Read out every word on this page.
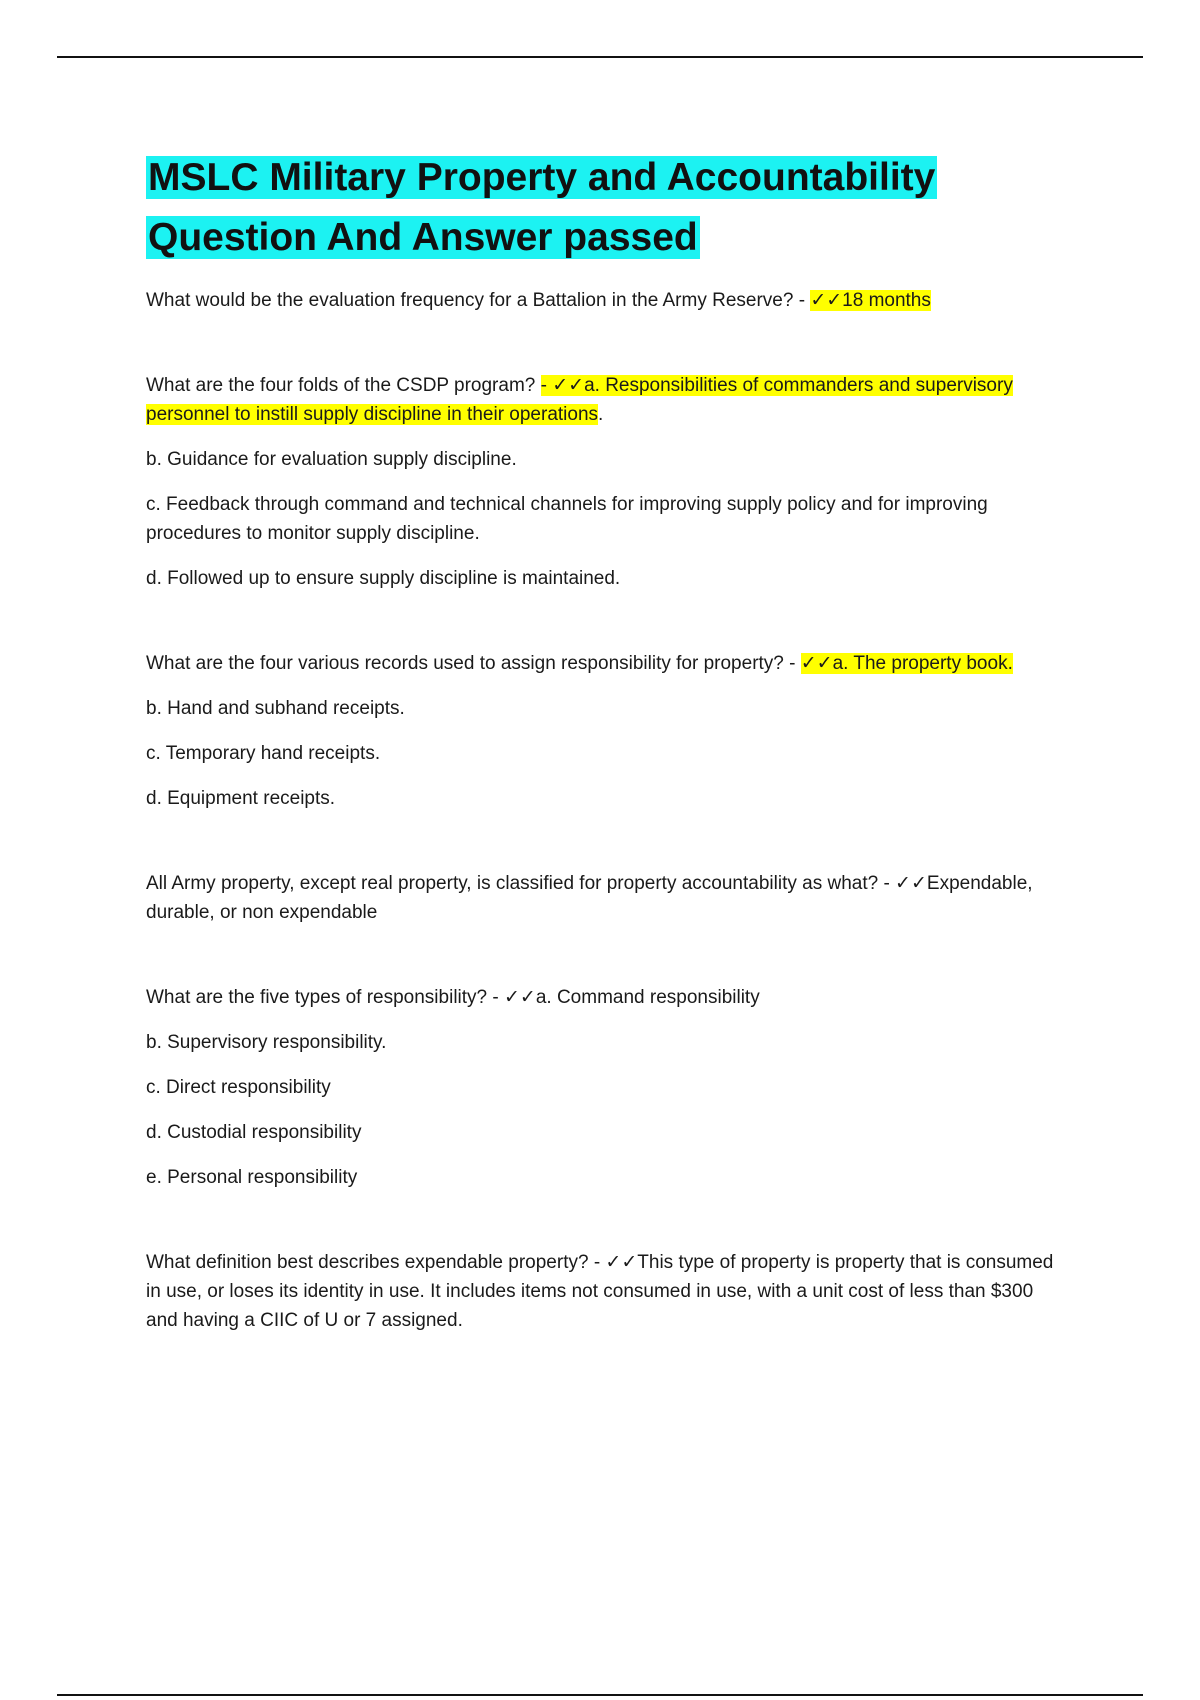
MSLC Military Property and Accountability
Question And Answer passed

What would be the evaluation frequency for a Battalion in the Army Reserve? - ✓✓18 months

What are the four folds of the CSDP program? - ✓✓a. Responsibilities of commanders and supervisory personnel to instill supply discipline in their operations.

b. Guidance for evaluation supply discipline.

c. Feedback through command and technical channels for improving supply policy and for improving procedures to monitor supply discipline.

d. Followed up to ensure supply discipline is maintained.

What are the four various records used to assign responsibility for property? - ✓✓a. The property book.

b. Hand and subhand receipts.

c. Temporary hand receipts.

d. Equipment receipts.

All Army property, except real property, is classified for property accountability as what? - ✓✓Expendable, durable, or non expendable

What are the five types of responsibility? - ✓✓a. Command responsibility

b. Supervisory responsibility.

c. Direct responsibility

d. Custodial responsibility

e. Personal responsibility

What definition best describes expendable property? - ✓✓This type of property is property that is consumed in use, or loses its identity in use. It includes items not consumed in use, with a unit cost of less than $300 and having a CIIC of U or 7 assigned.
